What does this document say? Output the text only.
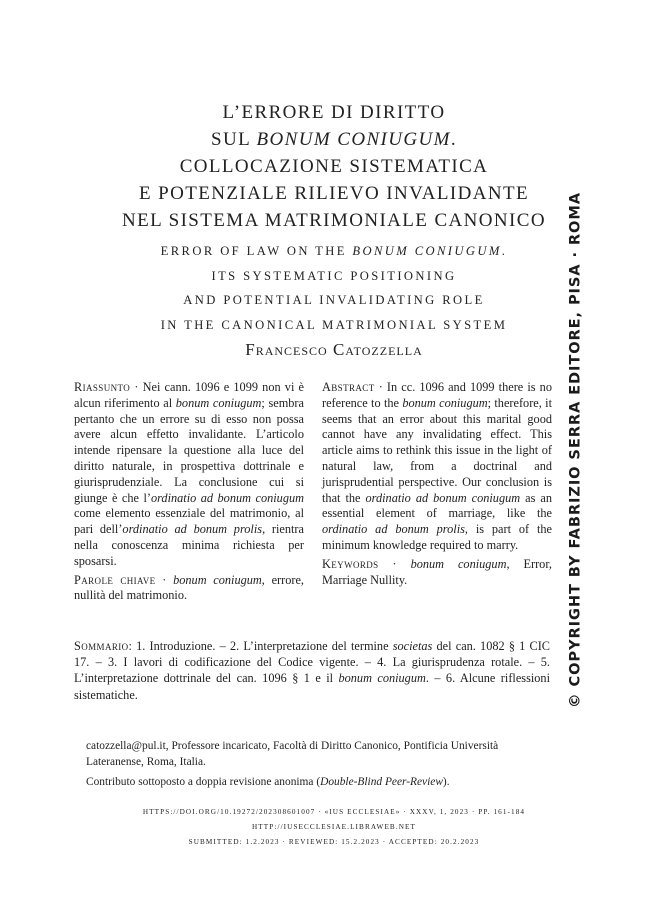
L’ERRORE DI DIRITTO
SUL BONUM CONIUGUM.
COLLOCAZIONE SISTEMATICA
E POTENZIALE RILIEVO INVALIDANTE
NEL SISTEMA MATRIMONIALE CANONICO
ERROR OF LAW ON THE BONUM CONIUGUM.
ITS SYSTEMATIC POSITIONING
AND POTENTIAL INVALIDATING ROLE
IN THE CANONICAL MATRIMONIAL SYSTEM
Francesco Catozzella
Riassunto · Nei cann. 1096 e 1099 non vi è alcun riferimento al bonum coniugum; sembra pertanto che un errore su di esso non possa avere alcun effetto invalidante. L’articolo intende ripensare la questione alla luce del diritto naturale, in prospettiva dottrinale e giurisprudenziale. La conclusione cui si giunge è che l’ordinatio ad bonum coniugum come elemento essenziale del matrimonio, al pari dell’ordinatio ad bonum prolis, rientra nella conoscenza minima richiesta per sposarsi.
Parole chiave · bonum coniugum, errore, nullità del matrimonio.
Abstract · In cc. 1096 and 1099 there is no reference to the bonum coniugum; therefore, it seems that an error about this marital good cannot have any invalidating effect. This article aims to rethink this issue in the light of natural law, from a doctrinal and jurisprudential perspective. Our conclusion is that the ordinatio ad bonum coniugum as an essential element of marriage, like the ordinatio ad bonum prolis, is part of the minimum knowledge required to marry.
Keywords · bonum coniugum, Error, Marriage Nullity.
Sommario: 1. Introduzione. – 2. L’interpretazione del termine societas del can. 1082 § 1 CIC 17. – 3. I lavori di codificazione del Codice vigente. – 4. La giurisprudenza rotale. – 5. L’interpretazione dottrinale del can. 1096 § 1 e il bonum coniugum. – 6. Alcune riflessioni sistematiche.

catozzella@pul.it, Professore incaricato, Facoltà di Diritto Canonico, Pontificia Università Lateranense, Roma, Italia.

Contributo sottoposto a doppia revisione anonima (Double-Blind Peer-Review).

HTTPS://DOI.ORG/10.19272/202308601007 · «IUS ECCLESIAE» · XXXV, 1, 2023 · PP. 161-184
HTTP://IUSECCLESIAE.LIBRAWEB.NET
SUBMITTED: 1.2.2023 · REVIEWED: 15.2.2023 · ACCEPTED: 20.2.2023
© COPYRIGHT BY FABRIZIO SERRA EDITORE, PISA · ROMA
